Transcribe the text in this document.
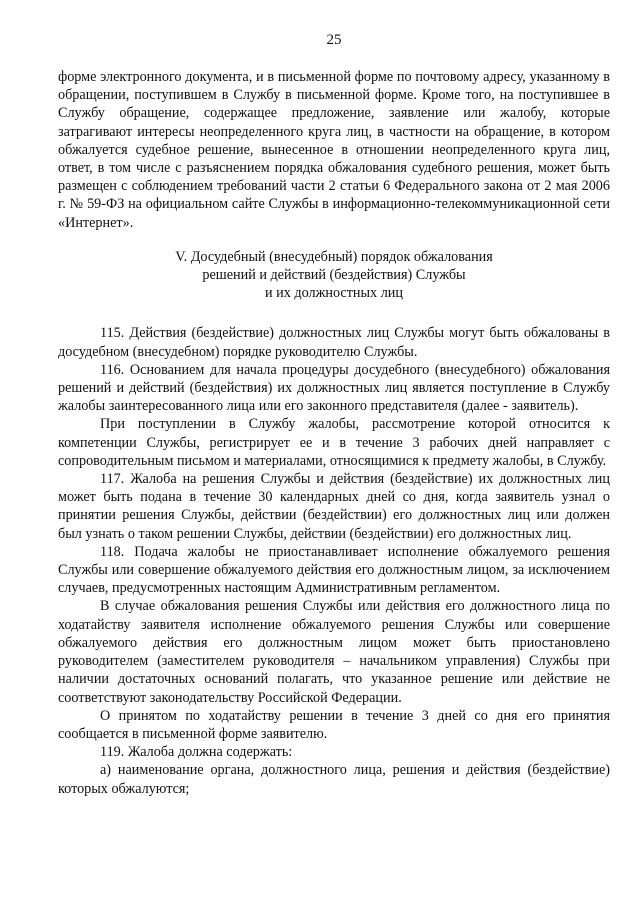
25

форме электронного документа, и в письменной форме по почтовому адресу, указанному в обращении, поступившем в Службу в письменной форме. Кроме того, на поступившее в Службу обращение, содержащее предложение, заявление или жалобу, которые затрагивают интересы неопределенного круга лиц, в частности на обращение, в котором обжалуется судебное решение, вынесенное в отношении неопределенного круга лиц, ответ, в том числе с разъяснением порядка обжалования судебного решения, может быть размещен с соблюдением требований части 2 статьи 6 Федерального закона от 2 мая 2006 г. № 59-ФЗ на официальном сайте Службы в информационно-телекоммуникационной сети «Интернет».

V. Досудебный (внесудебный) порядок обжалования
решений и действий (бездействия) Службы
и их должностных лиц

115. Действия (бездействие) должностных лиц Службы могут быть обжалованы в досудебном (внесудебном) порядке руководителю Службы.

116. Основанием для начала процедуры досудебного (внесудебного) обжалования решений и действий (бездействия) их должностных лиц является поступление в Службу жалобы заинтересованного лица или его законного представителя (далее - заявитель).

При поступлении в Службу жалобы, рассмотрение которой относится к компетенции Службы, регистрирует ее и в течение 3 рабочих дней направляет с сопроводительным письмом и материалами, относящимися к предмету жалобы, в Службу.

117. Жалоба на решения Службы и действия (бездействие) их должностных лиц может быть подана в течение 30 календарных дней со дня, когда заявитель узнал о принятии решения Службы, действии (бездействии) его должностных лиц или должен был узнать о таком решении Службы, действии (бездействии) его должностных лиц.

118. Подача жалобы не приостанавливает исполнение обжалуемого решения Службы или совершение обжалуемого действия его должностным лицом, за исключением случаев, предусмотренных настоящим Административным регламентом.

В случае обжалования решения Службы или действия его должностного лица по ходатайству заявителя исполнение обжалуемого решения Службы или совершение обжалуемого действия его должностным лицом может быть приостановлено руководителем (заместителем руководителя – начальником управления) Службы при наличии достаточных оснований полагать, что указанное решение или действие не соответствуют законодательству Российской Федерации.

О принятом по ходатайству решении в течение 3 дней со дня его принятия сообщается в письменной форме заявителю.

119. Жалоба должна содержать:

а) наименование органа, должностного лица, решения и действия (бездействие) которых обжалуются;
